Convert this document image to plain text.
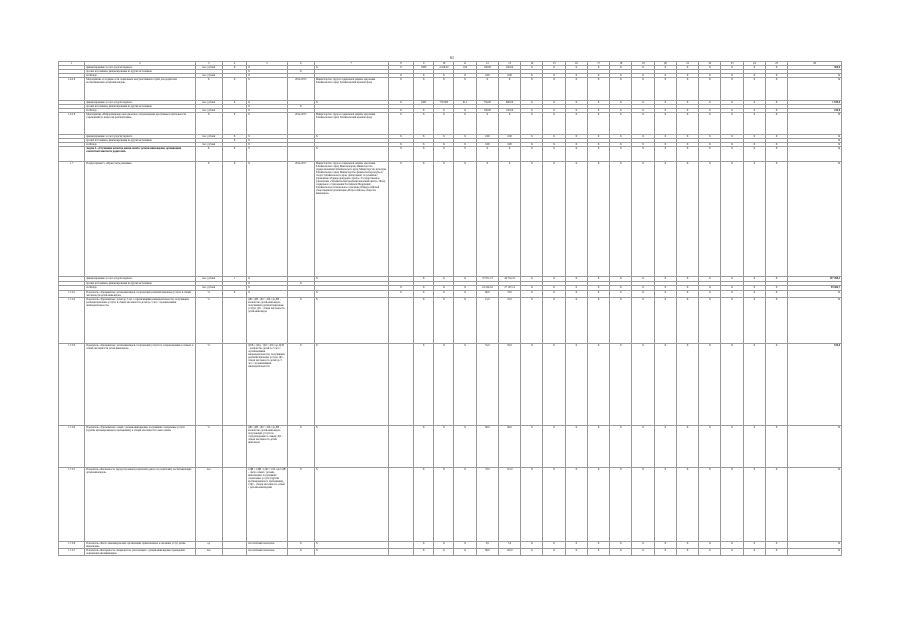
61
1	2	3	4	5	6	7	8	9	10	11	12	13	14	15	16	17	18	19	20	21	22	23	24	25	26
	финансирование за счет средств бюджета	тыс. рублей	Х	Х		Х	Х	3580	4 229,40	164	100,00	200,00	Х	Х	Х	Х	Х	Х	Х	Х	Х	Х	Х	Х	300,0
	прочих источников, финансирования из других источников			Х	Х																				
	из Фонда	тыс. рублей		Х			Х	Х	Х	Х	0,00	0,00	Х	Х	Х	Х	Х	Х	Х	Х	Х	Х	Х	Х	Х
1.6.2.6	Мероприятие «Создание сети социальных консультативных служб для родителей, воспитывающих детей-инвалидов»	Х	Х	Х	2014-2015	Министерство труда и социальной защиты населения Забайкальского края; Забайкальский краевой фонд	Х	Х	Х	Х	Х	Х	Х	Х	Х	Х	Х	Х	Х	Х	Х	Х	Х	Х	Х
	финансирование за счет средств бюджета	тыс. рублей	Х	Х		Х	Х	1082	750 000	61,1	750,00	800,00	Х	Х	Х	Х	Х	Х	Х	Х	Х	Х	Х	Х	1 550,0
	прочих источников, финансирования из других источников			Х	Х																				
	из Фонда	тыс. рублей		Х			Х	Х	Х	Х	100,00	100,00	Х	Х	Х	Х	Х	Х	Х	Х	Х	Х	Х	Х	220,0
1.6.2.8	Мероприятие «Информационно-методическое сопровождение программы и деятельности учреждений по вопросам реабилитации»	Х	Х	Х	2014-2015	Министерство труда и социальной защиты населения Забайкальского края; Забайкальский краевой фонд	Х	Х	Х	Х	Х	Х	Х	Х	Х	Х	Х	Х	Х	Х	Х	Х	Х	Х	Х
	финансирование за счет средств бюджета	тыс. рублей	Х	Х		Х	Х	Х	Х	Х	0,00	0,00	Х	Х	Х	Х	Х	Х	Х	Х	Х	Х	Х	Х	Х
	прочих источников, финансирования из других источников		Х	Х																					Х
	из Фонда	тыс. рублей		Х			Х	Х	Х	Х	0,00	0,00	Х	Х	Х	Х	Х	Х	Х	Х	Х	Х	Х	Х	Х
	Задача 3. «Улучшение качества жизни семей с детьми-инвалидами, организация совместной занятости родителей»	Х	Х	Х		Х	Х	Х	Х	Х	Х	Х	Х	Х	Х	Х	Х	Х	Х	Х	Х	Х	Х	Х	Х
1.7	Подпрограмма 5. «Право быть равными»	Х	Х	Х	2014-2017	Министерство труда и социальной защиты населения Забайкальского края; Минобрнауки; Министерство здравоохранения Забайкальского края; Министерство культуры Забайкальского края; Министерство физической культуры и спорта Забайкальского края; Департамент по развитию; управление «Единая дежурная служба»; Государственное учреждение «Забайкальский реабилитационный центр»; Фонд социального страхования Российской Федерации; Забайкальское региональное отделение Общероссийской общественной организации «Всероссийское общество инвалидов»	Х	Х	Х	Х	Х	Х	Х	Х	Х	Х	Х	Х	Х	Х	Х	Х	Х	Х	Х
	финансирование за счет средств бюджета	тыс. рублей	1	Х		Х		Х	Х	Х	37 971,13	49 752,23	Х	Х	Х	Х	Х	Х	Х	Х	Х	Х	Х	Х	137 498,3
	прочих источников, финансирования из других источников			Х	Х																				
	из Фонда	тыс. рублей		Х			Х	Х	Х	Х	22 224,34	27 197,14	Х	Х	Х	Х	Х	Х	Х	Х	Х	Х	Х	Х	59 466,7
1.7.0.1	Показатель «Удельный вес детей-инвалидов, получающих реабилитационные услуги, в общей численности детей-инвалидов»	%	Х	Х		Х	Х	Х	Х	Х	60,0	70,0	Х	Х	Х	Х	Х	Х	Х	Х	Х	Х	Х	Х	Х
1.7.0.2	Показатель «Удельный вес детей до 3 лет с ограничениями жизнедеятельности, получивших реабилитационные услуги, в общей численности детей до 3 лет с ограничениями жизнедеятельности»	%		ДВ = ДВ / ДО × 100, где ДВ – количество детей-инвалидов, получивших реабилитационные услуги; ДО – общая численность детей-инвалидов	Х	Х		Х	Х	Х	15,0	25,0	Х	Х	Х	Х	Х	Х	Х	Х	Х	Х	Х	Х	Х
1.7.0.3	Показатель «Удельный вес детей-инвалидов, получающих услуги по сопровождению в семьях, в общей численности детей-инвалидов»	%		ДСВ = ДСр / ДО × 100, где ДСВ – количество детей до 3 лет с ограничениями жизнедеятельности, получивших реабилитационные услуги; ДО – общая численность детей до 3 лет с ограничениями жизнедеятельности	Х	Х		Х	Х	Х	55,0	65,0	Х	Х	Х	Х	Х	Х	Х	Х	Х	Х	Х	Х	100,0
1.7.0.4	Показатель «Удельный вес семей с детьми-инвалидами, получивших социальные услуги (группы кратковременного пребывания), в общей численности таких семей»	%		ДВ = ДВ / ДО × 100, где ДВ – количество детей-инвалидов, получающих услуги по сопровождению в семьях; ДО – общая численность детей-инвалидов	Х	Х		Х	Х	Х	80,0	90,0	Х	Х	Х	Х	Х	Х	Х	Х	Х	Х	Х	Х	Х
1.7.0.5	Показатель «Численность трудоустроенных родителей (одного из родителей), воспитывающих детей-инвалидов»	чел		СДВ = СДВ / СДО × 100, где СДВ – число семей с детьми-инвалидами, получивших социальные услуги (группы кратковременного пребывания), СДО – общая численность семей с детьми-инвалидами	Х	Х		Х	Х	Х	70,0	115,0	Х	Х	Х	Х	Х	Х	Х	Х	Х	Х	Х	Х	Х
1.7.0.6	Показатель «Число некоммерческих организаций, привлеченных к оказанию услуг детям-инвалидам»	ед		абсолютный показатель	Х	Х		Х	Х	Х	3,0	5,0	Х	Х	Х	Х	Х	Х	Х	Х	Х	Х	Х	Х	Х
1.7.0.7	Показатель «Численность специалистов, работающих с детьми-инвалидами, прошедших повышение квалификации»	чел		абсолютный показатель	Х	Х		Х	Х	Х	80,0	120,0	Х	Х	Х	Х	Х	Х	Х	Х	Х	Х	Х	Х	Х
